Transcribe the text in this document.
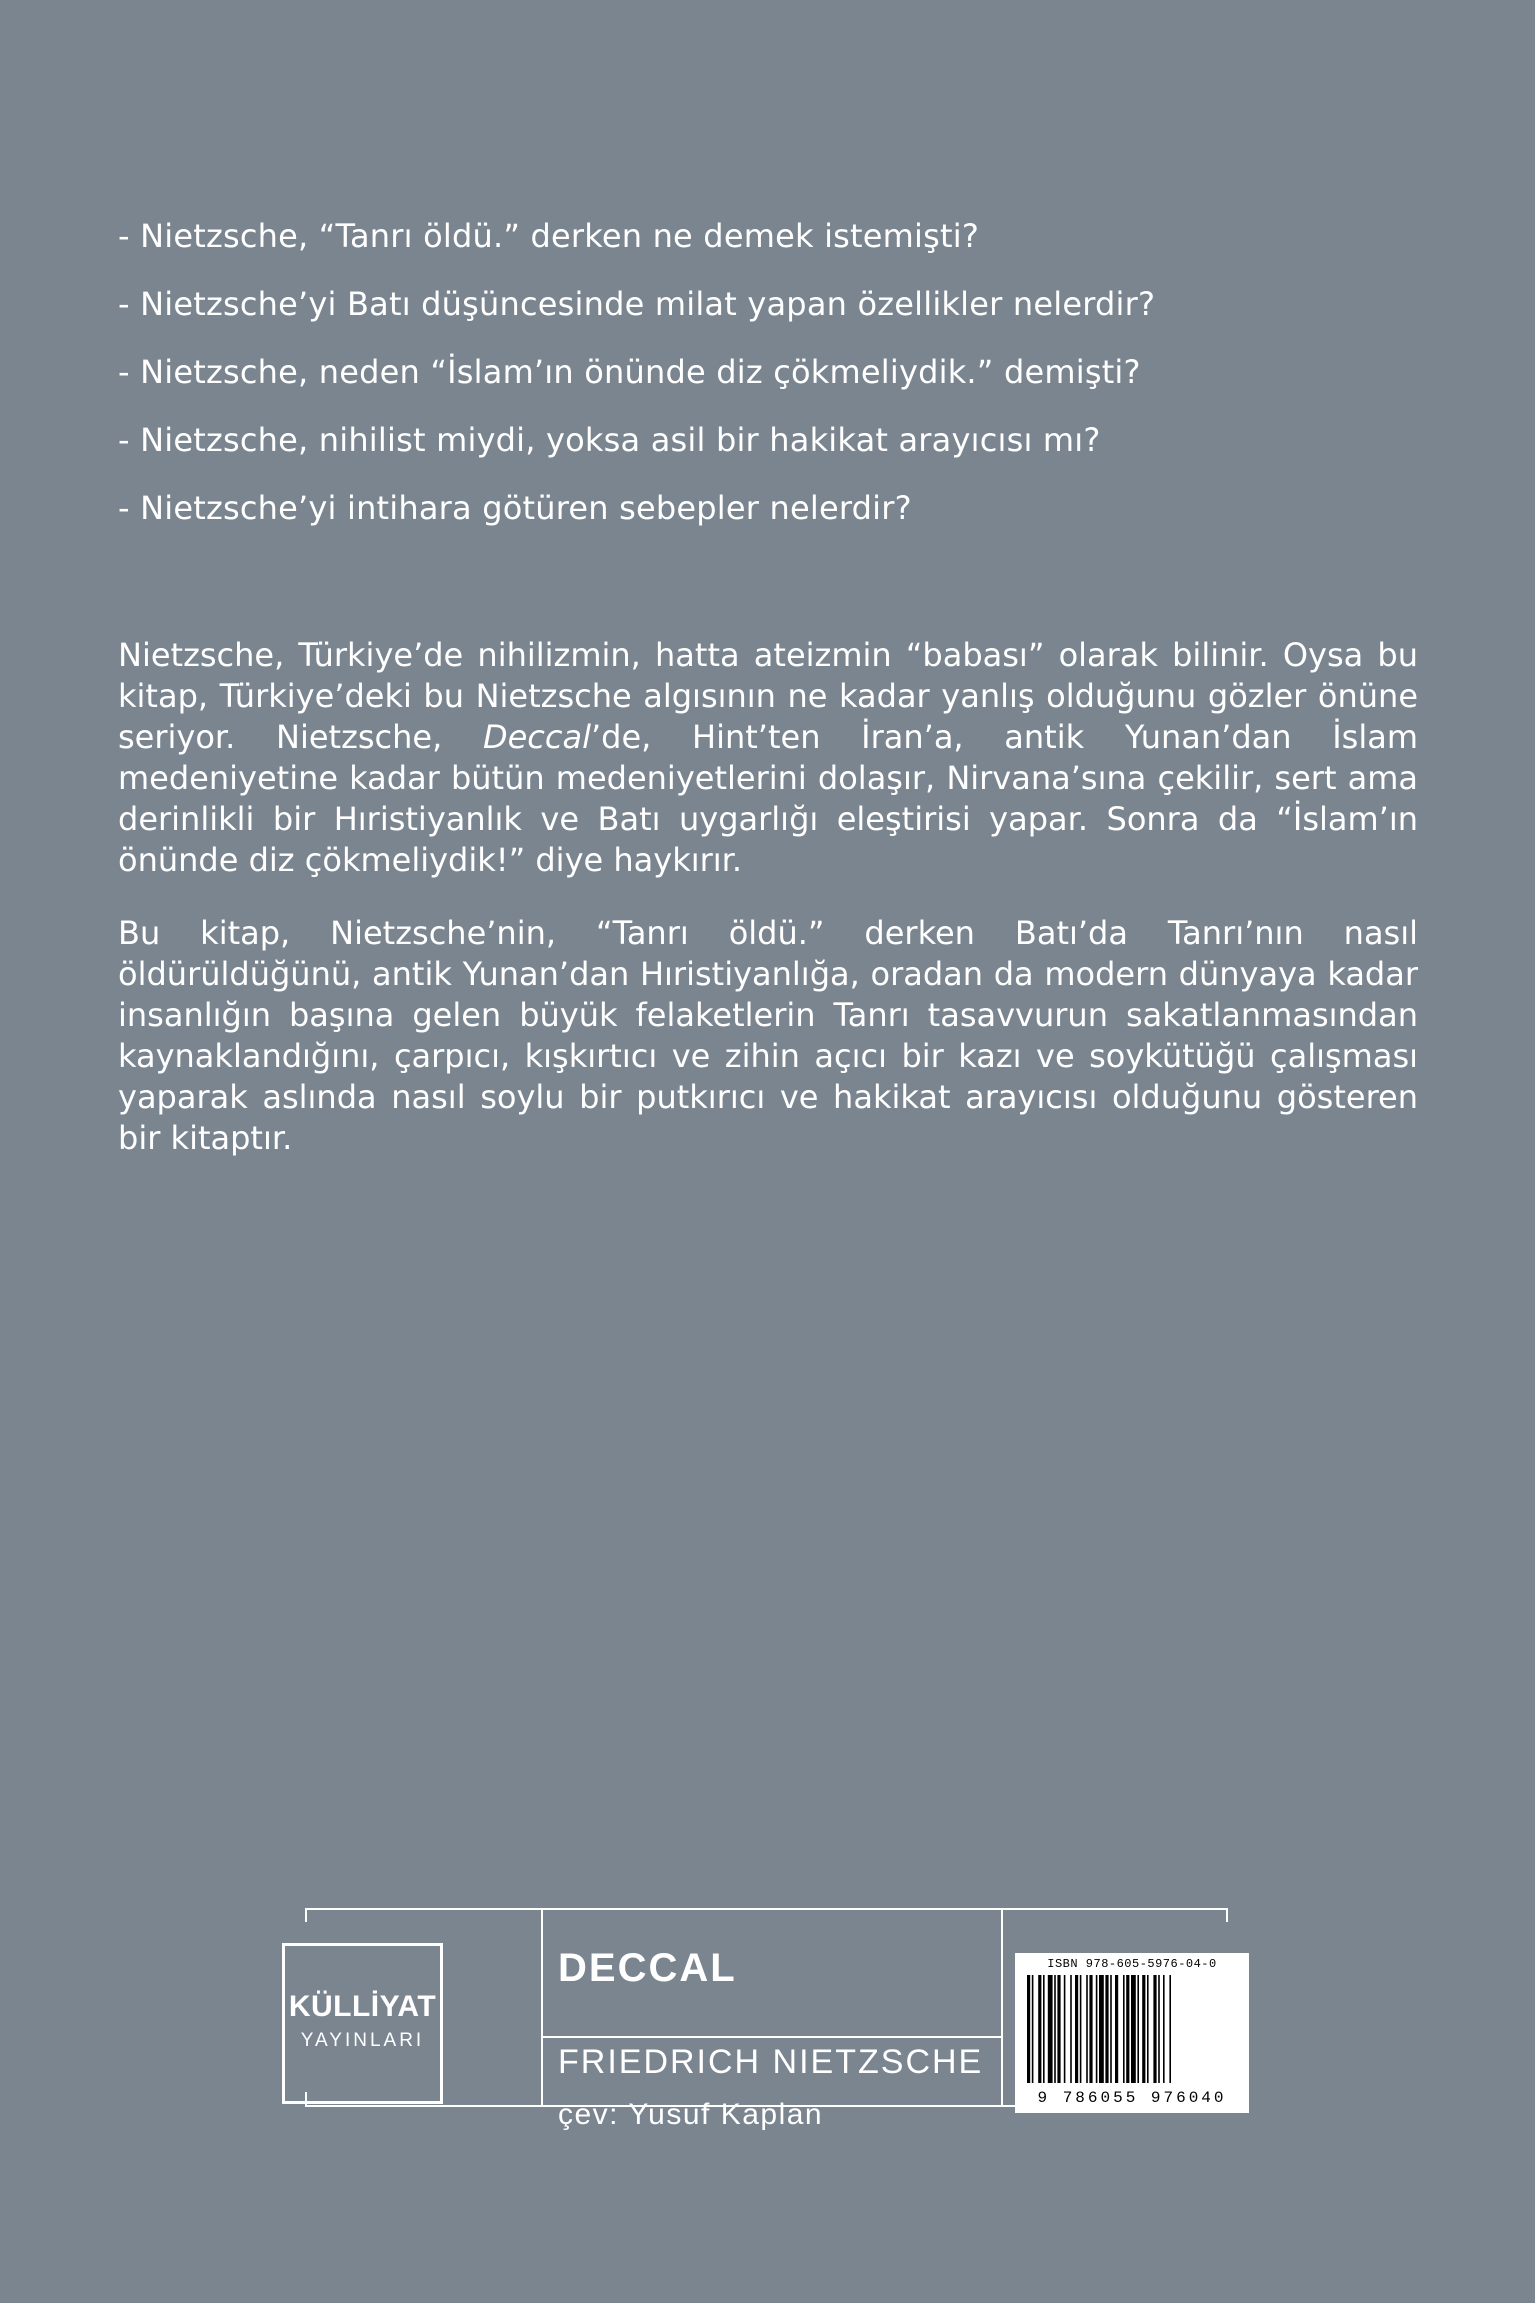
- Nietzsche, “Tanrı öldü.” derken ne demek istemişti?
- Nietzsche’yi Batı düşüncesinde milat yapan özellikler nelerdir?
- Nietzsche, neden “İslam’ın önünde diz çökmeliydik.” demişti?
- Nietzsche, nihilist miydi, yoksa asil bir hakikat arayıcısı mı?
- Nietzsche’yi intihara götüren sebepler nelerdir?

Nietzsche, Türkiye’de nihilizmin, hatta ateizmin “babası” olarak bilinir. Oysa bu kitap, Türkiye’deki bu Nietzsche algısının ne kadar yanlış olduğunu gözler önüne seriyor. Nietzsche, Deccal’de, Hint’ten İran’a, antik Yunan’dan İslam medeniyetine kadar bütün medeniyetlerini dolaşır, Nirvana’sına çekilir, sert ama derinlikli bir Hıristiyanlık ve Batı uygarlığı eleştirisi yapar. Sonra da “İslam’ın önünde diz çökmeliydik!” diye haykırır.

Bu kitap, Nietzsche’nin, “Tanrı öldü.” derken Batı’da Tanrı’nın nasıl öldürüldüğünü, antik Yunan’dan Hıristiyanlığa, oradan da modern dünyaya kadar insanlığın başına gelen büyük felaketlerin Tanrı tasavvurun sakatlanmasından kaynaklandığını, çarpıcı, kışkırtıcı ve zihin açıcı bir kazı ve soykütüğü çalışması yaparak aslında nasıl soylu bir putkırıcı ve hakikat arayıcısı olduğunu gösteren bir kitaptır.

KÜLLİYAT
YAYINLARI
DECCAL
FRIEDRICH NIETZSCHE
çev: Yusuf Kaplan
ISBN 978-605-5976-04-0
9 786055 976040
